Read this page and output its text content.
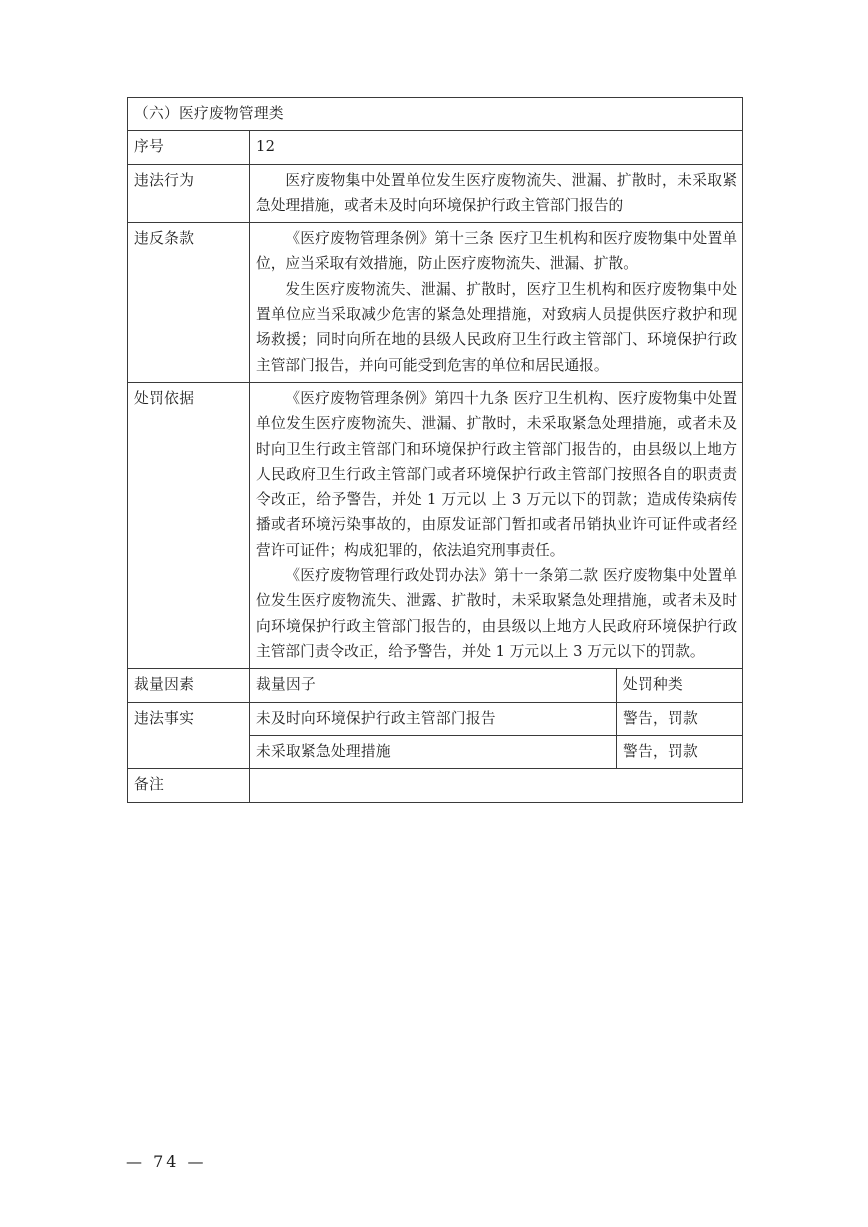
（六）医疗废物管理类		
序号	12	
违法行为	医疗废物集中处置单位发生医疗废物流失、泄漏、扩散时，未采取紧急处理措施，或者未及时向环境保护行政主管部门报告的	

违反条款	《医疗废物管理条例》第十三条 医疗卫生机构和医疗废物集中处置单位，应当采取有效措施，防止医疗废物流失、泄漏、扩散。

发生医疗废物流失、泄漏、扩散时，医疗卫生机构和医疗废物集中处置单位应当采取减少危害的紧急处理措施，对致病人员提供医疗救护和现场救援；同时向所在地的县级人民政府卫生行政主管部门、环境保护行政主管部门报告，并向可能受到危害的单位和居民通报。	

处罚依据	《医疗废物管理条例》第四十九条 医疗卫生机构、医疗废物集中处置单位发生医疗废物流失、泄漏、扩散时，未采取紧急处理措施，或者未及时向卫生行政主管部门和环境保护行政主管部门报告的，由县级以上地方人民政府卫生行政主管部门或者环境保护行政主管部门按照各自的职责责令改正，给予警告，并处 1 万元以 上 3 万元以下的罚款；造成传染病传播或者环境污染事故的，由原发证部门暂扣或者吊销执业许可证件或者经营许可证件；构成犯罪的，依法追究刑事责任。

《医疗废物管理行政处罚办法》第十一条第二款 医疗废物集中处置单位发生医疗废物流失、泄露、扩散时，未采取紧急处理措施，或者未及时向环境保护行政主管部门报告的，由县级以上地方人民政府环境保护行政主管部门责令改正，给予警告，并处 1 万元以上 3 万元以下的罚款。	

裁量因素	裁量因子	处罚种类
违法事实	未及时向环境保护行政主管部门报告	警告，罚款
	未采取紧急处理措施	警告，罚款
备注		
— 74 —
